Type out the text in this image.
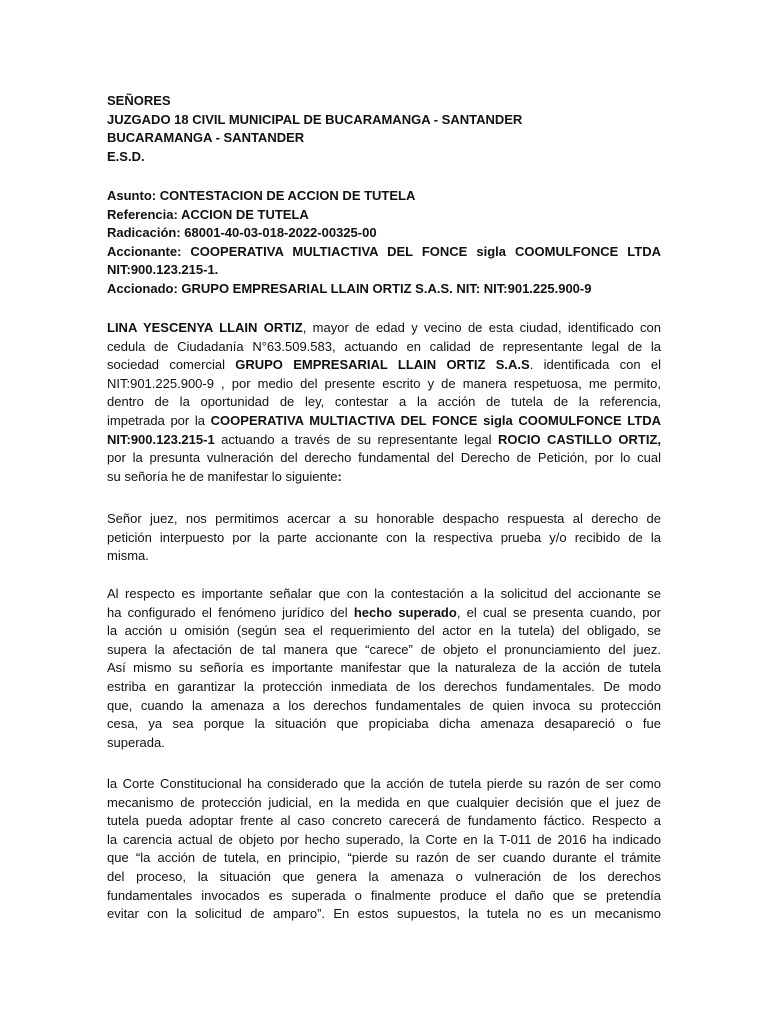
SEÑORES
JUZGADO 18 CIVIL MUNICIPAL DE BUCARAMANGA - SANTANDER
BUCARAMANGA - SANTANDER
E.S.D.
Asunto: CONTESTACION DE ACCION DE TUTELA
Referencia: ACCION DE TUTELA
Radicación: 68001-40-03-018-2022-00325-00
Accionante: COOPERATIVA MULTIACTIVA DEL FONCE sigla COOMULFONCE LTDA
NIT:900.123.215-1.
Accionado: GRUPO EMPRESARIAL LLAIN ORTIZ S.A.S. NIT: NIT:901.225.900-9
LINA YESCENYA LLAIN ORTIZ, mayor de edad y vecino de esta ciudad, identificado con
cedula de Ciudadanía N°63.509.583, actuando en calidad de representante legal de la
sociedad comercial GRUPO EMPRESARIAL LLAIN ORTIZ S.A.S. identificada con el
NIT:901.225.900-9 , por medio del presente escrito y de manera respetuosa, me permito,
dentro de la oportunidad de ley, contestar a la acción de tutela de la referencia,
impetrada por la COOPERATIVA MULTIACTIVA DEL FONCE sigla COOMULFONCE LTDA
NIT:900.123.215-1 actuando a través de su representante legal ROCIO CASTILLO ORTIZ,
por la presunta vulneración del derecho fundamental del Derecho de Petición, por lo cual
su señoría he de manifestar lo siguiente:
Señor juez, nos permitimos acercar a su honorable despacho respuesta al derecho de
petición interpuesto por la parte accionante con la respectiva prueba y/o recibido de la
misma.
Al respecto es importante señalar que con la contestación a la solicitud del accionante se
ha configurado el fenómeno jurídico del hecho superado, el cual se presenta cuando, por
la acción u omisión (según sea el requerimiento del actor en la tutela) del obligado, se
supera la afectación de tal manera que “carece” de objeto el pronunciamiento del juez.
Así mismo su señoría es importante manifestar que la naturaleza de la acción de tutela
estriba en garantizar la protección inmediata de los derechos fundamentales. De modo
que, cuando la amenaza a los derechos fundamentales de quien invoca su protección
cesa, ya sea porque la situación que propiciaba dicha amenaza desapareció o fue
superada.
la Corte Constitucional ha considerado que la acción de tutela pierde su razón de ser como
mecanismo de protección judicial, en la medida en que cualquier decisión que el juez de
tutela pueda adoptar frente al caso concreto carecerá de fundamento fáctico. Respecto a
la carencia actual de objeto por hecho superado, la Corte en la T-011 de 2016 ha indicado
que “la acción de tutela, en principio, “pierde su razón de ser cuando durante el trámite
del proceso, la situación que genera la amenaza o vulneración de los derechos
fundamentales invocados es superada o finalmente produce el daño que se pretendía
evitar con la solicitud de amparo”. En estos supuestos, la tutela no es un mecanismo
